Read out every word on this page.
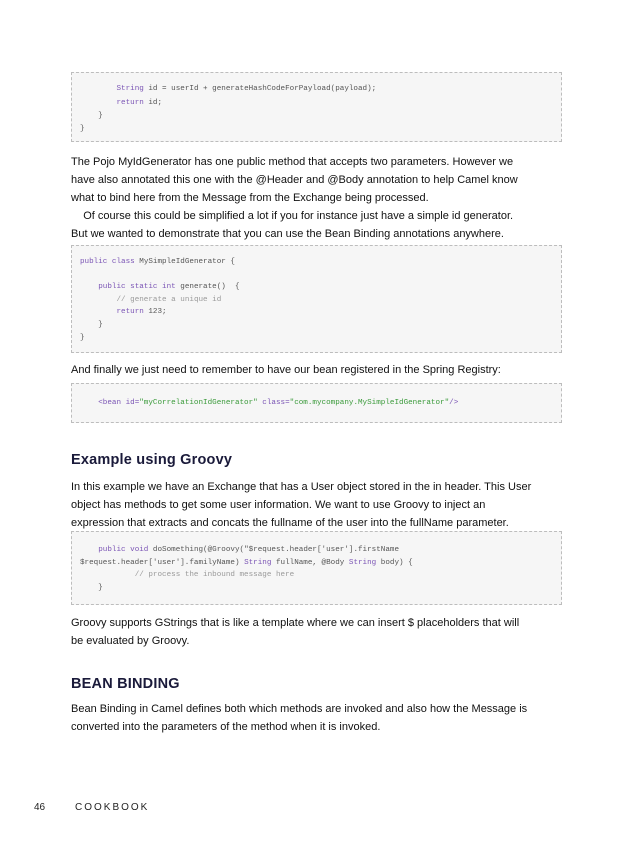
String id = userId + generateHashCodeForPayload(payload);
return id;
}
}
The Pojo MyIdGenerator has one public method that accepts two parameters. However we
have also annotated this one with the @Header and @Body annotation to help Camel know
what to bind here from the Message from the Exchange being processed.
Of course this could be simplified a lot if you for instance just have a simple id generator.
But we wanted to demonstrate that you can use the Bean Binding annotations anywhere.
public class MySimpleIdGenerator {
public static int generate()  {
// generate a unique id
return 123;
}
}
And finally we just need to remember to have our bean registered in the Spring Registry:
<bean id="myCorrelationIdGenerator" class="com.mycompany.MySimpleIdGenerator"/>
Example using Groovy
In this example we have an Exchange that has a User object stored in the in header. This User
object has methods to get some user information. We want to use Groovy to inject an
expression that extracts and concats the fullname of the user into the fullName parameter.
public void doSomething(@Groovy("$request.header['user'].firstName
$request.header['user'].familyName) String fullName, @Body String body) {
// process the inbound message here
}
Groovy supports GStrings that is like a template where we can insert $ placeholders that will
be evaluated by Groovy.
BEAN BINDING
Bean Binding in Camel defines both which methods are invoked and also how the Message is
converted into the parameters of the method when it is invoked.
46	COOKBOOK
